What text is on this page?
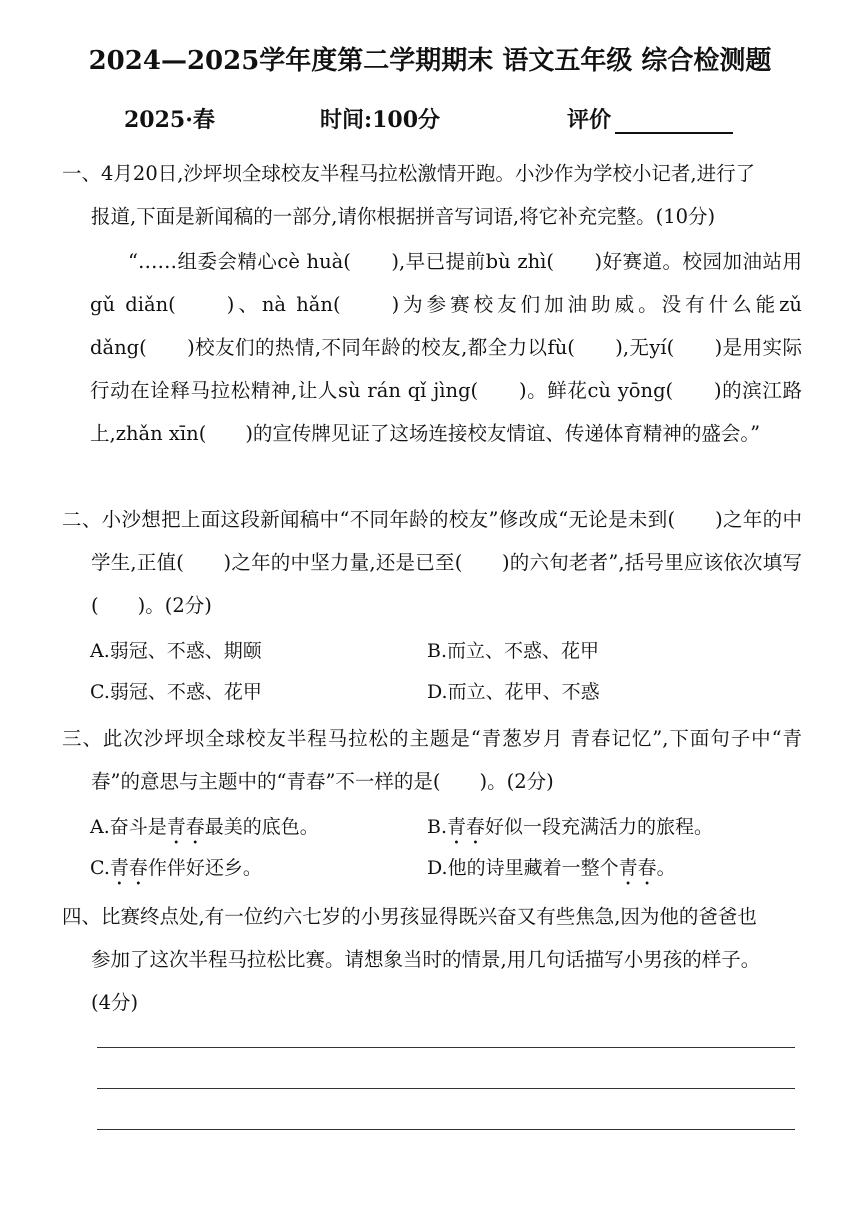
2024—2025学年度第二学期期末 语文五年级 综合检测题
2025·春	时间:100分	评价
一、4月20日,沙坪坝全球校友半程马拉松激情开跑。小沙作为学校小记者,进行了
报道,下面是新闻稿的一部分,请你根据拼音写词语,将它补充完整。(10分)
“……组委会精心cè huà(　　),早已提前bù zhì(　　)好赛道。校园加油站用gǔ diǎn(　　)、nà hǎn(　　)为参赛校友们加油助威。没有什么能zǔ dǎng(　　)校友们的热情,不同年龄的校友,都全力以fù(　　),无yí(　　)是用实际行动在诠释马拉松精神,让人sù rán qǐ jìng(　　)。鲜花cù yōng(　　)的滨江路上,zhǎn xīn(　　)的宣传牌见证了这场连接校友情谊、传递体育精神的盛会。”
二、小沙想把上面这段新闻稿中“不同年龄的校友”修改成“无论是未到(　　)之年的中学生,正值(　　)之年的中坚力量,还是已至(　　)的六旬老者”,括号里应该依次填写(　　)。(2分)
A.弱冠、不惑、期颐	B.而立、不惑、花甲
C.弱冠、不惑、花甲	D.而立、花甲、不惑
三、此次沙坪坝全球校友半程马拉松的主题是“青葱岁月 青春记忆”,下面句子中“青春”的意思与主题中的“青春”不一样的是(　　)。(2分)
A.奋斗是青春最美的底色。	B.青春好似一段充满活力的旅程。
C.青春作伴好还乡。	D.他的诗里藏着一整个青春。
四、比赛终点处,有一位约六七岁的小男孩显得既兴奋又有些焦急,因为他的爸爸也
参加了这次半程马拉松比赛。请想象当时的情景,用几句话描写小男孩的样子。
(4分)
